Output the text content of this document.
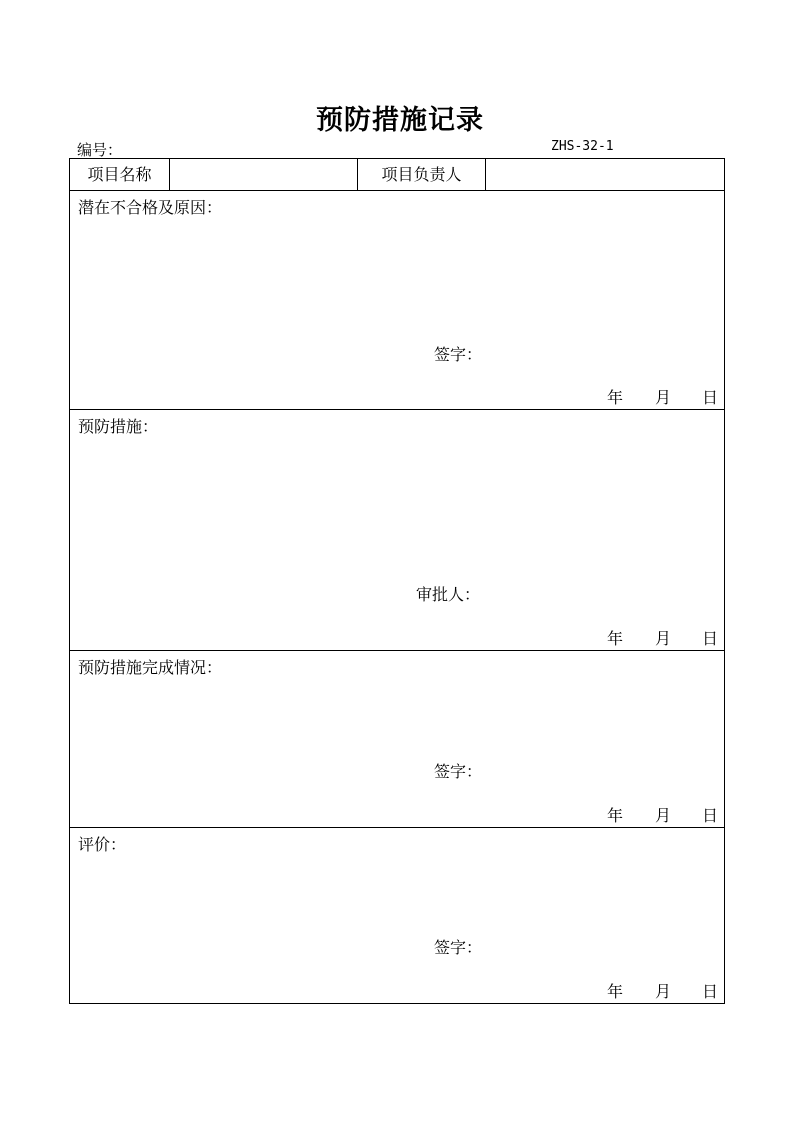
预防措施记录
编号：	ZHS-32-1
项目名称	项目负责人
潜在不合格及原因：
签字：
年 月 日
预防措施：
审批人：
年 月 日
预防措施完成情况：
签字：
年 月 日
评价：
签字：
年 月 日
